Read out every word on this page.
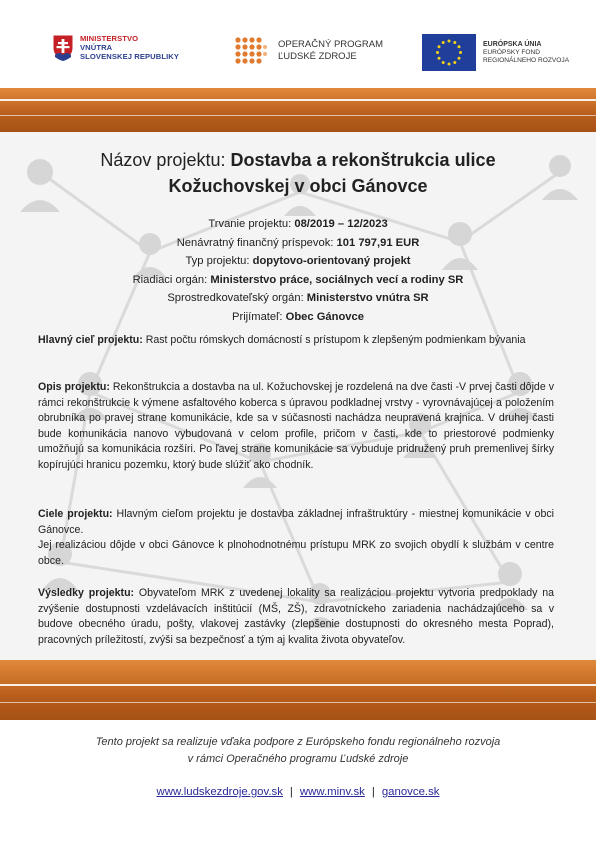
MINISTERSTVO
VNÚTRA
SLOVENSKEJ REPUBLIKY
OPERAČNÝ PROGRAM
ĽUDSKÉ ZDROJE
EURÓPSKA ÚNIA
EURÓPSKY FOND
REGIONÁLNEHO ROZVOJA
Názov projektu: Dostavba a rekonštrukcia ulice
Kožuchovskej v obci Gánovce
Trvanie projektu: 08/2019 – 12/2023
Nenávratný finančný príspevok: 101 797,91 EUR
Typ projektu: dopytovo-orientovaný projekt
Riadiaci orgán: Ministerstvo práce, sociálnych vecí a rodiny SR
Sprostredkovateľský orgán: Ministerstvo vnútra SR
Prijímateľ: Obec Gánovce
Hlavný cieľ projektu: Rast počtu rómskych domácností s prístupom k zlepšeným podmienkam bývania
Opis projektu: Rekonštrukcia a dostavba na ul. Kožuchovskej je rozdelená na dve časti -V prvej časti dôjde v rámci rekonštrukcie k výmene asfaltového koberca s úpravou podkladnej vrstvy - vyrovnávajúcej a položením obrubníka po pravej strane komunikácie, kde sa v súčasnosti nachádza neupravená krajnica. V druhej časti bude komunikácia nanovo vybudovaná v celom profile, pričom v časti, kde to priestorové podmienky umožňujú sa komunikácia rozšíri. Po ľavej strane komunikácie sa vybuduje pridružený pruh premenlivej šírky kopírujúci hranicu pozemku, ktorý bude slúžiť ako chodník.
Ciele projektu: Hlavným cieľom projektu je dostavba základnej infraštruktúry - miestnej komunikácie v obci Gánovce.
Jej realizáciou dôjde v obci Gánovce k plnohodnotnému prístupu MRK zo svojich obydlí k službám v centre obce.
Výsledky projektu: Obyvateľom MRK z uvedenej lokality sa realizáciou projektu vytvoria predpoklady na zvýšenie dostupnosti vzdelávacích inštitúcií (MŠ, ZŠ), zdravotníckeho zariadenia nachádzajúceho sa v budove obecného úradu, pošty, vlakovej zastávky (zlepšenie dostupnosti do okresného mesta Poprad), pracovných príležitostí, zvýši sa bezpečnosť a tým aj kvalita života obyvateľov.
Tento projekt sa realizuje vďaka podpore z Európskeho fondu regionálneho rozvoja
v rámci Operačného programu Ľudské zdroje
www.ludskezdroje.gov.sk | www.minv.sk | ganovce.sk
